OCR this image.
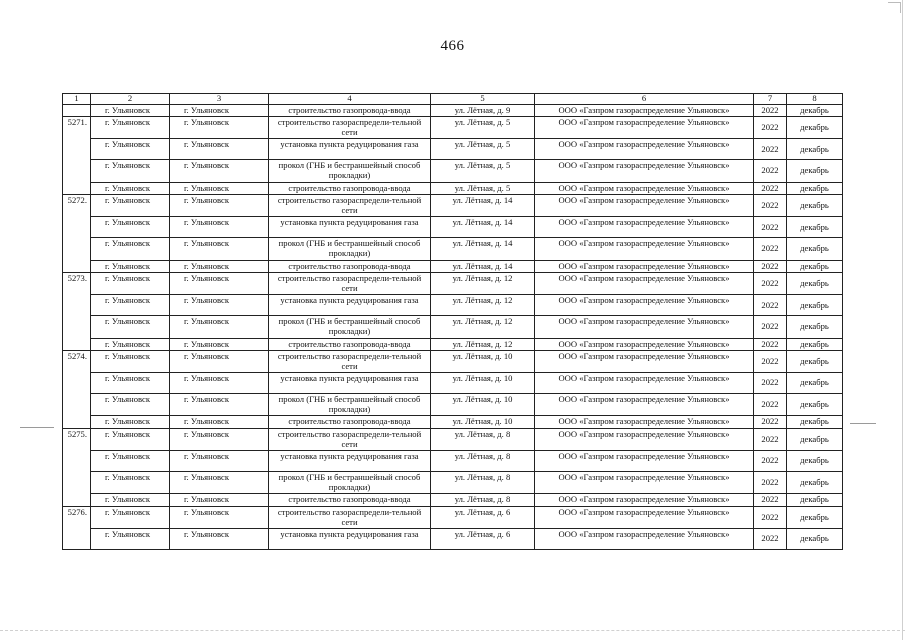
466
1	2	3	4	5	6	7	8
	г. Ульяновск	г. Ульяновск	строительство газопровода-ввода	ул. Лётная, д. 9	ООО «Газпром газораспределение Ульяновск»	2022	декабрь
5271.	г. Ульяновск	г. Ульяновск	строительство газораспредели-тельной сети	ул. Лётная, д. 5	ООО «Газпром газораспределение Ульяновск»	2022	декабрь
	г. Ульяновск	г. Ульяновск	установка пункта редуцирования газа	ул. Лётная, д. 5	ООО «Газпром газораспределение Ульяновск»	2022	декабрь
	г. Ульяновск	г. Ульяновск	прокол (ГНБ и бестраншейный способ прокладки)	ул. Лётная, д. 5	ООО «Газпром газораспределение Ульяновск»	2022	декабрь
	г. Ульяновск	г. Ульяновск	строительство газопровода-ввода	ул. Лётная, д. 5	ООО «Газпром газораспределение Ульяновск»	2022	декабрь
5272.	г. Ульяновск	г. Ульяновск	строительство газораспредели-тельной сети	ул. Лётная, д. 14	ООО «Газпром газораспределение Ульяновск»	2022	декабрь
	г. Ульяновск	г. Ульяновск	установка пункта редуцирования газа	ул. Лётная, д. 14	ООО «Газпром газораспределение Ульяновск»	2022	декабрь
	г. Ульяновск	г. Ульяновск	прокол (ГНБ и бестраншейный способ прокладки)	ул. Лётная, д. 14	ООО «Газпром газораспределение Ульяновск»	2022	декабрь
	г. Ульяновск	г. Ульяновск	строительство газопровода-ввода	ул. Лётная, д. 14	ООО «Газпром газораспределение Ульяновск»	2022	декабрь
5273.	г. Ульяновск	г. Ульяновск	строительство газораспредели-тельной сети	ул. Лётная, д. 12	ООО «Газпром газораспределение Ульяновск»	2022	декабрь
	г. Ульяновск	г. Ульяновск	установка пункта редуцирования газа	ул. Лётная, д. 12	ООО «Газпром газораспределение Ульяновск»	2022	декабрь
	г. Ульяновск	г. Ульяновск	прокол (ГНБ и бестраншейный способ прокладки)	ул. Лётная, д. 12	ООО «Газпром газораспределение Ульяновск»	2022	декабрь
	г. Ульяновск	г. Ульяновск	строительство газопровода-ввода	ул. Лётная, д. 12	ООО «Газпром газораспределение Ульяновск»	2022	декабрь
5274.	г. Ульяновск	г. Ульяновск	строительство газораспредели-тельной сети	ул. Лётная, д. 10	ООО «Газпром газораспределение Ульяновск»	2022	декабрь
	г. Ульяновск	г. Ульяновск	установка пункта редуцирования газа	ул. Лётная, д. 10	ООО «Газпром газораспределение Ульяновск»	2022	декабрь
	г. Ульяновск	г. Ульяновск	прокол (ГНБ и бестраншейный способ прокладки)	ул. Лётная, д. 10	ООО «Газпром газораспределение Ульяновск»	2022	декабрь
	г. Ульяновск	г. Ульяновск	строительство газопровода-ввода	ул. Лётная, д. 10	ООО «Газпром газораспределение Ульяновск»	2022	декабрь
5275.	г. Ульяновск	г. Ульяновск	строительство газораспредели-тельной сети	ул. Лётная, д. 8	ООО «Газпром газораспределение Ульяновск»	2022	декабрь
	г. Ульяновск	г. Ульяновск	установка пункта редуцирования газа	ул. Лётная, д. 8	ООО «Газпром газораспределение Ульяновск»	2022	декабрь
	г. Ульяновск	г. Ульяновск	прокол (ГНБ и бестраншейный способ прокладки)	ул. Лётная, д. 8	ООО «Газпром газораспределение Ульяновск»	2022	декабрь
	г. Ульяновск	г. Ульяновск	строительство газопровода-ввода	ул. Лётная, д. 8	ООО «Газпром газораспределение Ульяновск»	2022	декабрь
5276.	г. Ульяновск	г. Ульяновск	строительство газораспредели-тельной сети	ул. Лётная, д. 6	ООО «Газпром газораспределение Ульяновск»	2022	декабрь
	г. Ульяновск	г. Ульяновск	установка пункта редуцирования газа	ул. Лётная, д. 6	ООО «Газпром газораспределение Ульяновск»	2022	декабрь
